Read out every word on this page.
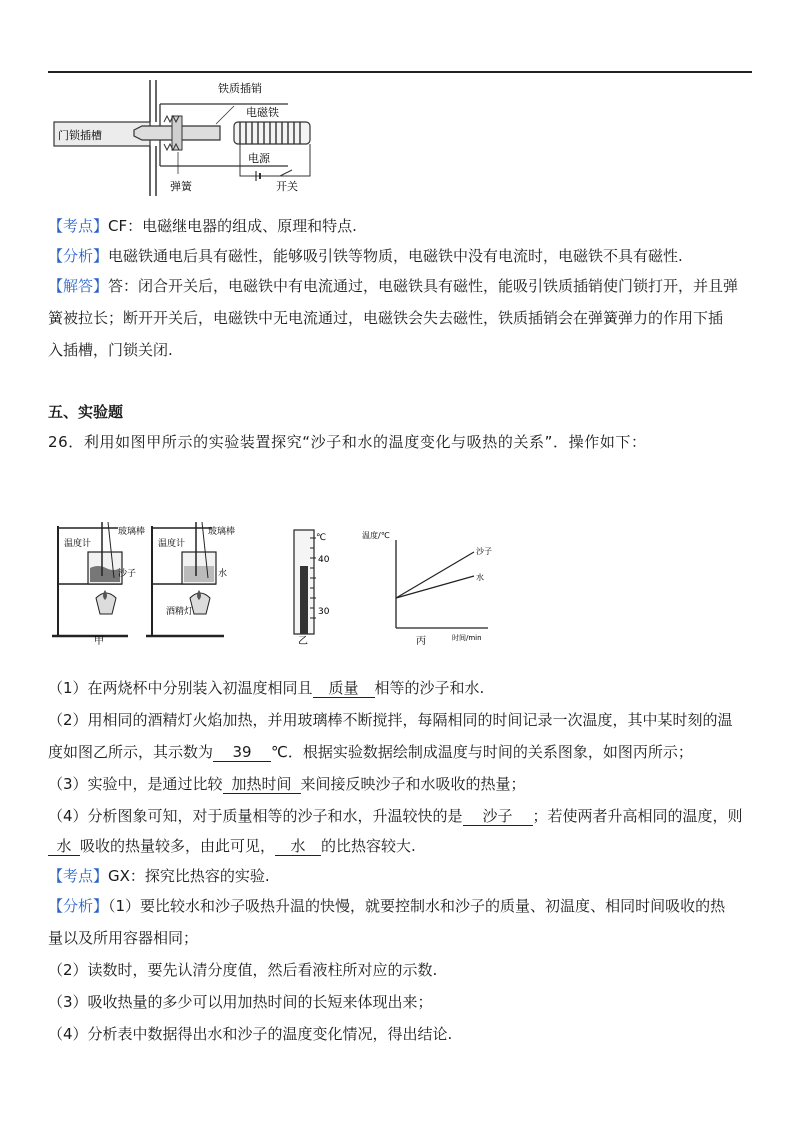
门锁插槽
弹簧
电磁铁
电源
开关
铁质插销
【考点】CF：电磁继电器的组成、原理和特点.
【分析】电磁铁通电后具有磁性，能够吸引铁等物质，电磁铁中没有电流时，电磁铁不具有磁性.
【解答】答：闭合开关后，电磁铁中有电流通过，电磁铁具有磁性，能吸引铁质插销使门锁打开，并且弹
簧被拉长；断开开关后，电磁铁中无电流通过，电磁铁会失去磁性，铁质插销会在弹簧弹力的作用下插
入插槽，门锁关闭.
五、实验题
26．利用如图甲所示的实验装置探究“沙子和水的温度变化与吸热的关系”．操作如下：
温度计
玻璃棒
沙子
甲
温度计
玻璃棒
水
酒精灯
℃
40
30
乙
温度/℃
时间/min
沙子
水
丙
（1）在两烧杯中分别装入初温度相同且 质量 相等的沙子和水.
（2）用相同的酒精灯火焰加热，并用玻璃棒不断搅拌，每隔相同的时间记录一次温度，其中某时刻的温
度如图乙所示，其示数为 39 ℃．根据实验数据绘制成温度与时间的关系图象，如图丙所示；
（3）实验中，是通过比较 加热时间 来间接反映沙子和水吸收的热量；
（4）分析图象可知，对于质量相等的沙子和水，升温较快的是 沙子 ；若使两者升高相同的温度，则
水 吸收的热量较多，由此可见， 水 的比热容较大.
【考点】GX：探究比热容的实验.
【分析】（1）要比较水和沙子吸热升温的快慢，就要控制水和沙子的质量、初温度、相同时间吸收的热
量以及所用容器相同；
（2）读数时，要先认清分度值，然后看液柱所对应的示数.
（3）吸收热量的多少可以用加热时间的长短来体现出来；
（4）分析表中数据得出水和沙子的温度变化情况，得出结论.
